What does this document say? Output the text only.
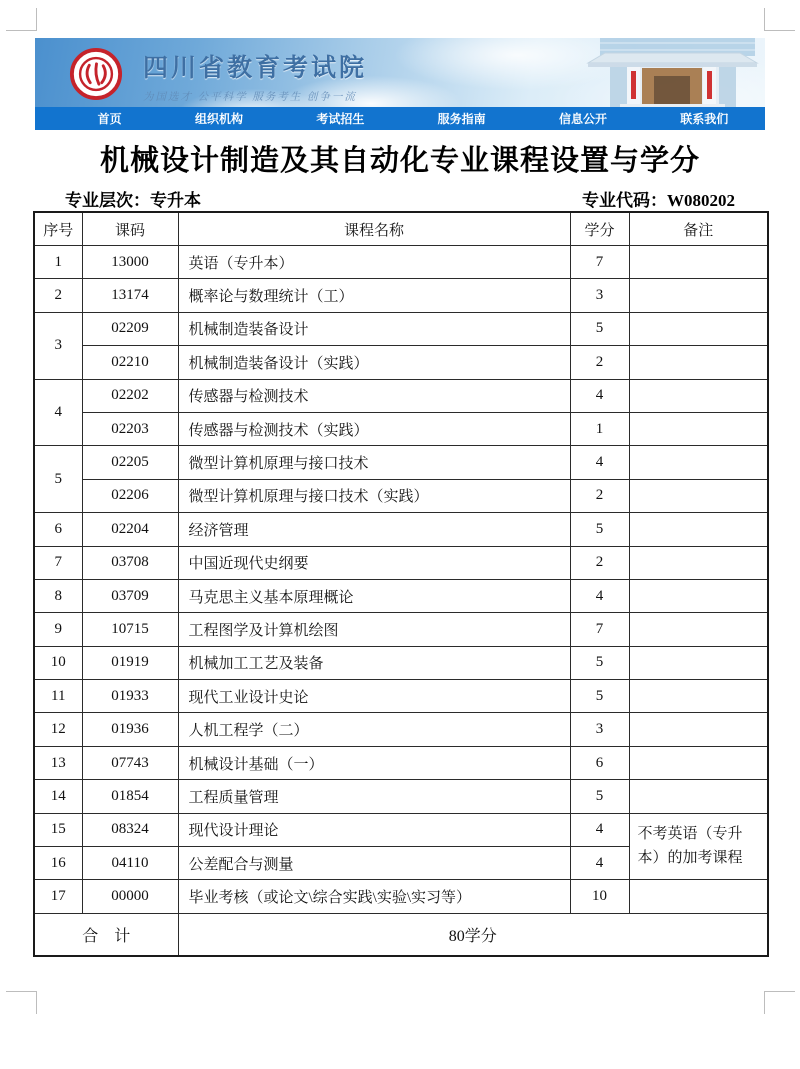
四川省教育考试院
为国选才 公平科学 服务考生 创争一流
首页	组织机构	考试招生	服务指南	信息公开	联系我们
机械设计制造及其自动化专业课程设置与学分
专业层次：专升本	专业代码：W080202
序号	课码	课程名称	学分	备注
1	13000	英语（专升本）	7	
2	13174	概率论与数理统计（工）	3	
3	02209	机械制造装备设计	5	
	02210	机械制造装备设计（实践）	2	
4	02202	传感器与检测技术	4	
	02203	传感器与检测技术（实践）	1	
5	02205	微型计算机原理与接口技术	4	
	02206	微型计算机原理与接口技术（实践）	2	
6	02204	经济管理	5	
7	03708	中国近现代史纲要	2	
8	03709	马克思主义基本原理概论	4	
9	10715	工程图学及计算机绘图	7	
10	01919	机械加工工艺及装备	5	
11	01933	现代工业设计史论	5	
12	01936	人机工程学（二）	3	
13	07743	机械设计基础（一）	6	
14	01854	工程质量管理	5	
15	08324	现代设计理论	4	不考英语（专升本）的加考课程
16	04110	公差配合与测量	4	
17	00000	毕业考核（或论文\综合实践\实验\实习等）	10	
合　计		80学分		
